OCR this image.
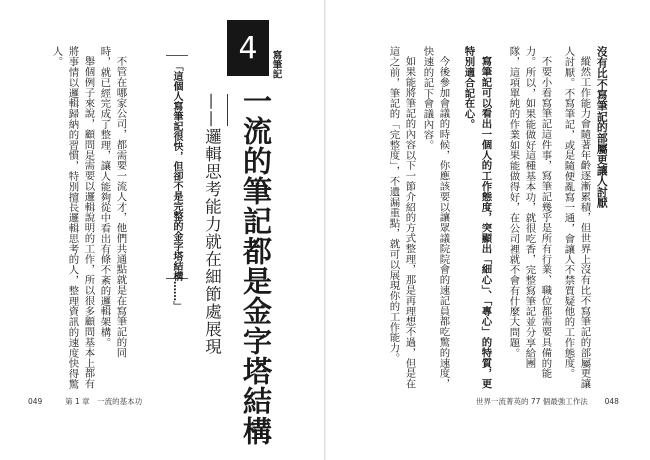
4 寫筆記

一流的筆記都是金字塔結構

——邏輯思考能力就在細節處展現

「這個人寫筆記很快，但卻不是完整的金字塔結構……」

不管在哪家公司，都需要一流人才，他們共通點就是在寫筆記的同

時，就已經完成了整理，讓人能夠從中看出有條不紊的邏輯架構。

舉個例子來說，顧問是需要以邏輯說明的工作，所以很多顧問基本上都有

將事情以邏輯歸納的習慣，特別擅長邏輯思考的人，整理資訊的速度快得驚

人。

049	第 1 章　一流的基本功

沒有比不寫筆記的部屬更讓人討厭

縱然工作能力會隨著年齡逐漸累積，但世界上沒有比不寫筆記的部屬更讓

人討厭。不寫筆記，或是隨便亂寫一通，會讓人不禁質疑他的工作態度。

不要小看寫筆記這件事，寫筆記幾乎是所有行業、職位都需要具備的能

力。所以，如果能做好這種基本功，就很吃香，完整寫筆記並分享給團

隊，這項單純的作業如果能做得好，在公司裡就不會有什麼大問題。

寫筆記可以看出一個人的工作態度，突顯出「細心」、「專心」的特質，更

特別適合記在心。

今後參加會議的時候，你應該要以讓眾議院院會的速記員都吃驚的速度，

快速的記下會議內容。

如果能將筆記的內容以下一節介紹的方式整理，那是再理想不過，但是在

這之前，筆記的「完整度」，不遺漏重點，就可以展現你的工作能力。

世界一流菁英的 77 個最強工作法 048
